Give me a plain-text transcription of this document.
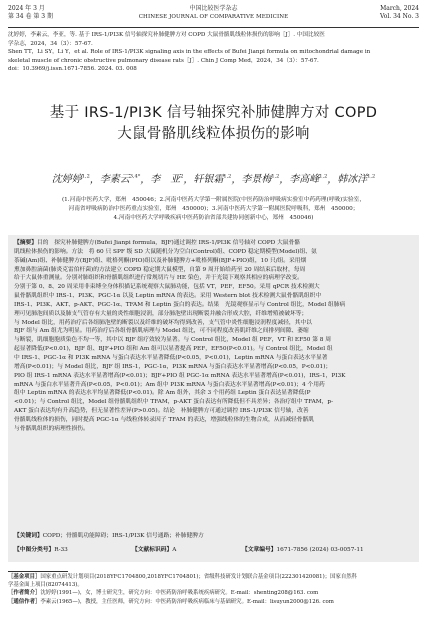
2024 年 3 月
第 34 卷 第 3 期
中国比较医学杂志
CHINESE JOURNAL OF COMPARATIVE MEDICINE
March, 2024
Vol. 34 No. 3

沈婷婷，李素云，李亚，等. 基于 IRS-1/PI3K 信号轴探究补肺健脾方对 COPD 大鼠骨骼肌线粒体损伤的影响［J］. 中国比较医

学杂志，2024，34（3）：57-67.

Shen TT，Li SY，Li Y，et al. Role of IRS-1/PI3K signaling axis in the effects of Bufei Jianpi formula on mitochondrial damage in

skeletal muscle of chronic obstructive pulmonary disease rats［J］. Chin J Comp Med，2024，34（3）：57-67.

doi：10.3969/j.issn.1671-7856. 2024. 03. 008

基于 IRS-1/PI3K 信号轴探究补肺健脾方对 COPD

大鼠骨骼肌线粒体损伤的影响

沈婷婷$^{1,2}$，李素云$^{3,4*}$，李　亚$^2$，轩银霜$^{1,2}$，李景梅$^{1,2}$，李高峰$^{1,2}$，韩冰洋$^{1,2}$

(1.河南中医药大学，郑州　450046；2.河南中医药大学第一附属医院(中医药防治呼吸病实验室中药药理(呼吸)实验室，

河南省呼吸病防治中医药重点实验室，郑州　450000)；3.河南中医药大学第一附属医院呼吸科，郑州　450000；

4.河南中医药大学呼吸疾病中医药防治省部共建协同创新中心，郑州　450046)

【摘要】目的　探究补肺健脾方(Bufei Jianpi formula，BJF)通过调控 IRS-1/PI3K 信号轴对 COPD 大鼠骨骼

肌线粒体损伤的影响。方法　将 60 只 SPF 级 SD 大鼠随机分为空白(Control)组、COPD 稳定期模型(Model)组、氨

茶碱(Am)组、补肺健脾方(BJF)组、吡格列酮(PIO)组以及补肺健脾方+吡格列酮(BJF+PIO)组，10 只/组。采用烟

熏加鼻腔滴菌(肺炎克雷伯杆菌)的方法建立 COPD 稳定期大鼠模型，自第 9 周开始给药至 20 周结束后取材，每周

给于大鼠体重测量。分别对肺组织和骨骼肌组织进行常规切片与 HE 染色，并于光镜下观察其相应的病理学改变。

分别于第 0、8、20 周采用非束缚全身体积描记系统观察大鼠肺功能，包括 VT，PEF，EF50。采用 qPCR 技术检测大

鼠骨骼肌组织中 IRS-1、PI3K、PGC-1α 以及 Leptin mRNA 的表达。采用 Western blot 技术检测大鼠骨骼肌组织中

IRS-1、PI3K、AKT、p-AKT、PGC-1α、TFAM 和 Leptin 蛋白的表达。结果　光镜观察显示与 Control 组比，Model 组肺病

理可见肺泡间质以及肺支气管存有大量的炎性细胞浸润，部分肺泡壁出现断裂并融合形成大腔，纤维增殖被破坏等；

与 Model 组比，用药治疗后各组肺泡壁的断裂以及纤维的破坏均得到改善，支气管中炎性细胞浸润程度减轻，其中以

BJF 组与 Am 组尤为明显。用药治疗后各组骨骼肌病理与 Model 组比，可不同程度改善肌纤维之间排列间隙、萎缩

与断裂，肌细胞胞质染色不均一等，其中以 BJF 组疗效较为显著。与 Control 组比，Model 组 PEF，VT 和 EF50 第 8 周

起显著降低(P<0.01)，BJF 组、BJF+PIO 组和 Am 组可以显著提高 PEF，EF50(P<0.01)。与 Control 组比，Model 组

中 IRS-1、PGC-1α 和 PI3K mRNA 与蛋白表达水平显著降低(P<0.05，P<0.01)，Leptin mRNA 与蛋白表达水平显著

增高(P<0.01)；与 Model 组比，BJF 组 IRS-1，PGC-1α，PI3K mRNA 与蛋白表达水平显著增高(P<0.05，P<0.01)；

PIO 组 IRS-1 mRNA 表达水平显著增高(P<0.01)；BJF+PIO 组 PGC-1α mRNA 表达水平显著增高(P<0.01)，IRS-1，PI3K

mRNA 与蛋白水平显著升高(P<0.05，P<0.01)；Am 组中 PI3K mRNA 与蛋白表达水平显著增高(P<0.01)；4 个用药

组中 Leptin mRNA 的表达水平均显著降低(P<0.01)。除 Am 组外，其余 3 个用药组 Leptin 蛋白表达显著降低(P

<0.01)；与 Control 组比，Model 组骨骼肌组织中 TFAM，p-AKT 蛋白表达有所降低但不具差异；各治疗组中 TFAM，p-

AKT 蛋白表达均有升高趋势，但无显著性差异(P>0.05)。结论　补肺健脾方可通过调控 IRS-1/PI3K 信号轴，改善

骨骼肌线粒体的损伤，同时提高 PGC-1α 与线粒体转录因子 TFAM 的表达，增强线粒体的生物合成，从而减轻骨骼肌

与骨骼肌组织的病理性损伤。

【关键词】COPD；骨骼肌功能障碍；IRS-1/PI3K 信号通路；补肺健脾方
【中图分类号】R-33	【文献标识码】A	【文章编号】1671-7856 (2024) 03-0057-11

［基金项目］国家重点研发计划项目(2018YFC1704800,2018YFC1704801)；省级科技研发计划联合基金项目(222301420081)；国家自然科

学基金面上项目(82074413)。

［作者简介］沈婷婷(1991—)，女，博士研究生，研究方向：中医药防治呼吸系统疾病研究。E-mail：shenting208@163. com

［通信作者］李素云(1965—)，教授，主任医师，研究方向：中医药防治呼吸疾病临床与基础研究。E-mail：lisuyun2000@126. com
